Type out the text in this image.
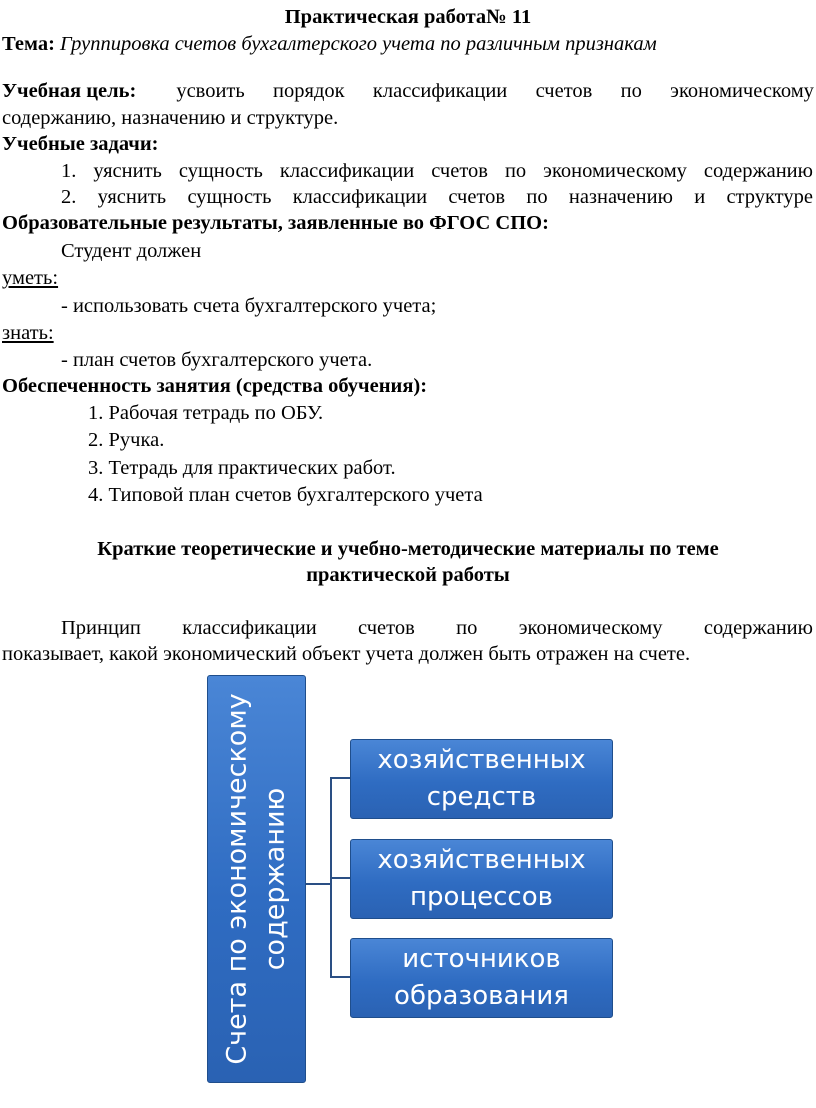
Практическая работа№ 11
Тема: Группировка счетов бухгалтерского учета по различным признакам
Учебная цель: усвоить порядок классификации счетов по экономическому
содержанию, назначению и структуре.
Учебные задачи:
1. уяснить сущность классификации счетов по экономическому содержанию
2. уяснить сущность классификации счетов по назначению и структуре
Образовательные результаты, заявленные во ФГОС СПО:
Студент должен
уметь:
- использовать счета бухгалтерского учета;
знать:
- план счетов бухгалтерского учета.
Обеспеченность занятия (средства обучения):
1. Рабочая тетрадь по ОБУ.
2. Ручка.
3. Тетрадь для практических работ.
4. Типовой план счетов бухгалтерского учета
Краткие теоретические и учебно-методические материалы по теме
практической работы
Принцип классификации счетов по экономическому содержанию
показывает, какой экономический объект учета должен быть отражен на счете.
Счета по экономическому содержанию
хозяйственных
средств
хозяйственных
процессов
источников
образования
